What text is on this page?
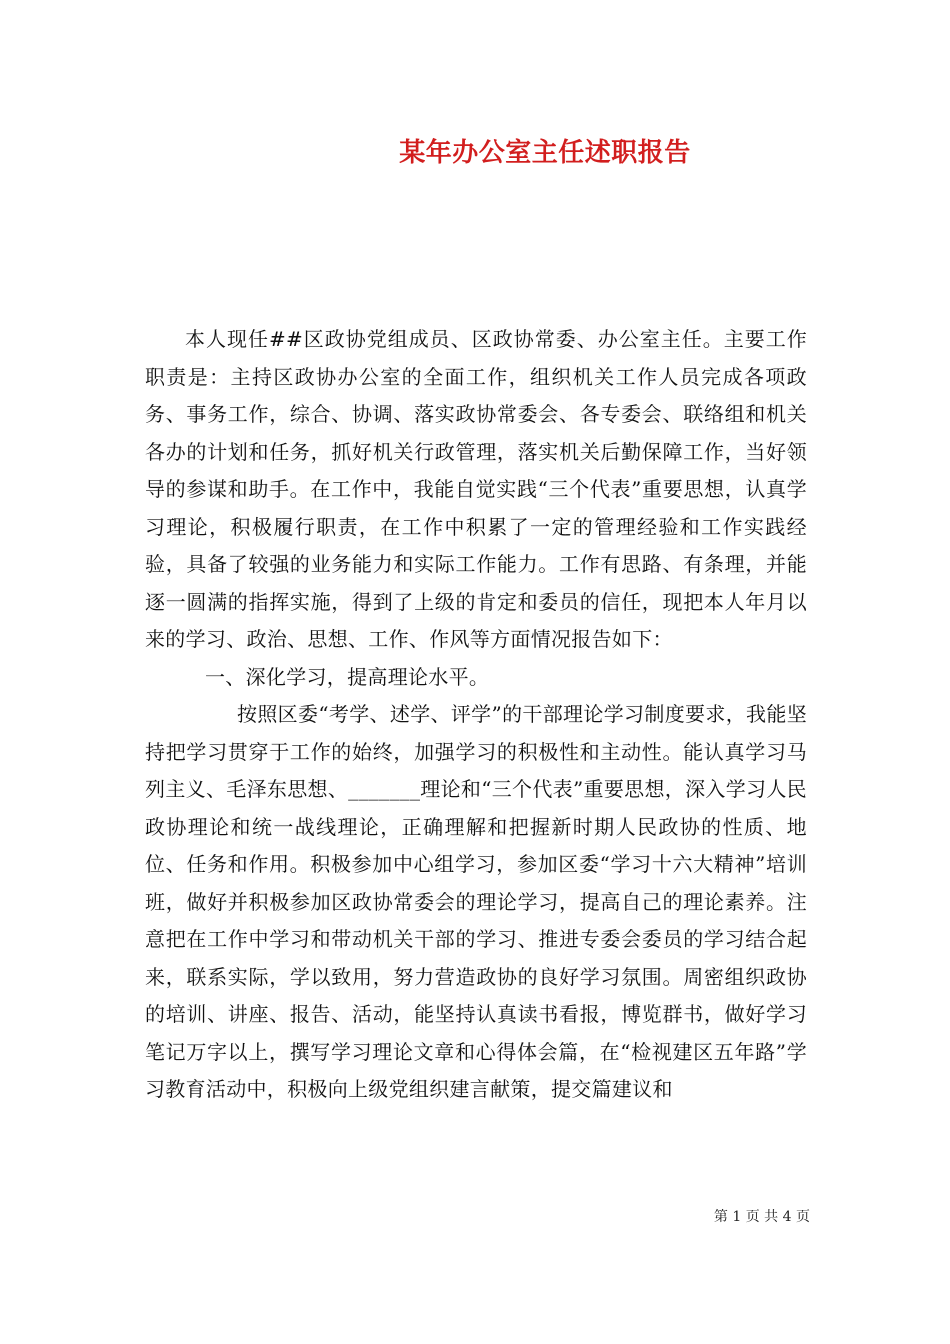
某年办公室主任述职报告

本人现任##区政协党组成员、区政协常委、办公室主任。主要工作职责是：主持区政协办公室的全面工作，组织机关工作人员完成各项政务、事务工作，综合、协调、落实政协常委会、各专委会、联络组和机关各办的计划和任务，抓好机关行政管理，落实机关后勤保障工作，当好领导的参谋和助手。在工作中，我能自觉实践“三个代表”重要思想，认真学习理论，积极履行职责，在工作中积累了一定的管理经验和工作实践经验，具备了较强的业务能力和实际工作能力。工作有思路、有条理，并能逐一圆满的指挥实施，得到了上级的肯定和委员的信任，现把本人年月以来的学习、政治、思想、工作、作风等方面情况报告如下：

一、深化学习，提高理论水平。

按照区委“考学、述学、评学”的干部理论学习制度要求，我能坚持把学习贯穿于工作的始终，加强学习的积极性和主动性。能认真学习马列主义、毛泽东思想、_______理论和“三个代表”重要思想，深入学习人民政协理论和统一战线理论，正确理解和把握新时期人民政协的性质、地位、任务和作用。积极参加中心组学习，参加区委“学习十六大精神”培训班，做好并积极参加区政协常委会的理论学习，提高自己的理论素养。注意把在工作中学习和带动机关干部的学习、推进专委会委员的学习结合起来，联系实际，学以致用，努力营造政协的良好学习氛围。周密组织政协的培训、讲座、报告、活动，能坚持认真读书看报，博览群书，做好学习笔记万字以上，撰写学习理论文章和心得体会篇，在“检视建区五年路”学习教育活动中，积极向上级党组织建言献策，提交篇建议和

第 1 页 共 4 页
